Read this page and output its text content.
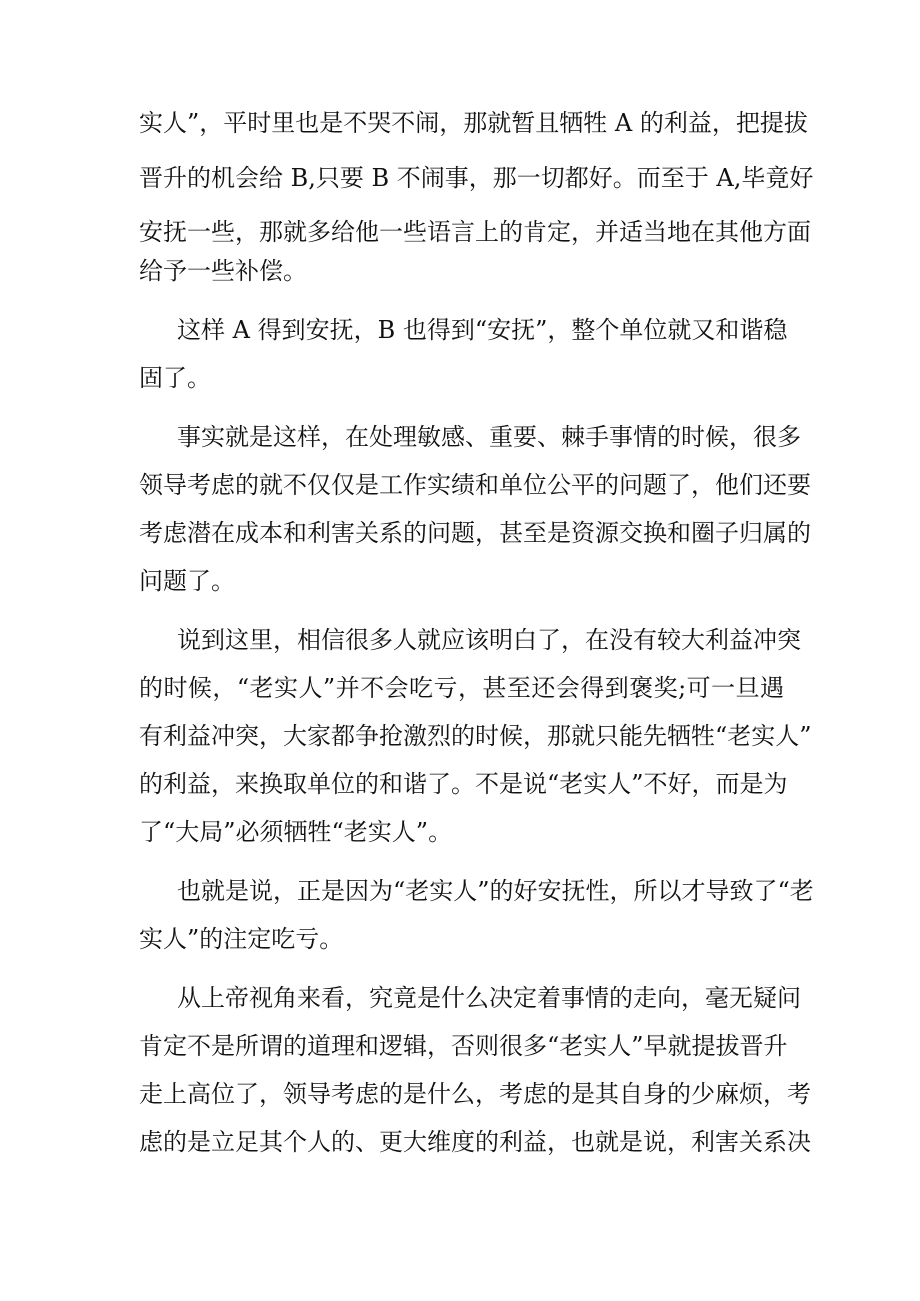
实人”，平时里也是不哭不闹，那就暂且牺牲 A 的利益，把提拔
晋升的机会给 B,只要 B 不闹事，那一切都好。而至于 A,毕竟好
安抚一些，那就多给他一些语言上的肯定，并适当地在其他方面
给予一些补偿。
这样 A 得到安抚，B 也得到“安抚”，整个单位就又和谐稳
固了。
事实就是这样，在处理敏感、重要、棘手事情的时候，很多
领导考虑的就不仅仅是工作实绩和单位公平的问题了，他们还要
考虑潜在成本和利害关系的问题，甚至是资源交换和圈子归属的
问题了。
说到这里，相信很多人就应该明白了，在没有较大利益冲突
的时候，“老实人”并不会吃亏，甚至还会得到褒奖;可一旦遇
有利益冲突，大家都争抢激烈的时候，那就只能先牺牲“老实人”
的利益，来换取单位的和谐了。不是说“老实人”不好，而是为
了“大局”必须牺牲“老实人”。
也就是说，正是因为“老实人”的好安抚性，所以才导致了“老
实人”的注定吃亏。
从上帝视角来看，究竟是什么决定着事情的走向，毫无疑问
肯定不是所谓的道理和逻辑，否则很多“老实人”早就提拔晋升
走上高位了，领导考虑的是什么，考虑的是其自身的少麻烦，考
虑的是立足其个人的、更大维度的利益，也就是说，利害关系决
